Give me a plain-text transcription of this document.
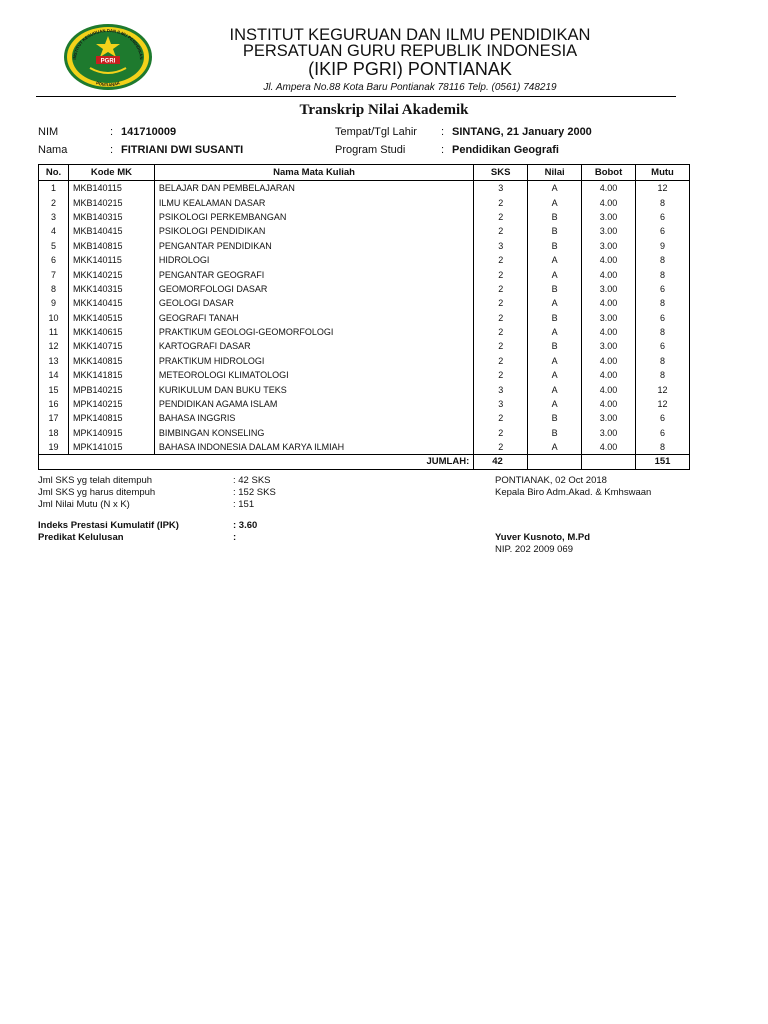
INSTITUT KEGURUAN DAN ILMU PENDIDIKAN
PONTIANAK
PGRI
INSTITUT KEGURUAN DAN ILMU PENDIDIKAN
PERSATUAN GURU REPUBLIK INDONESIA
(IKIP PGRI) PONTIANAK
Jl. Ampera No.88 Kota Baru Pontianak 78116 Telp. (0561) 748219
Transkrip Nilai Akademik
NIM	: 141710009
Nama	: FITRIANI DWI SUSANTI
Tempat/Tgl Lahir : SINTANG, 21 January 2000
Program Studi	: Pendidikan Geografi
No.	Kode MK	Nama Mata Kuliah	SKS	Nilai	Bobot	Mutu
1	MKB140115	BELAJAR DAN PEMBELAJARAN	3	A	4.00	12
2	MKB140215	ILMU KEALAMAN DASAR	2	A	4.00	8
3	MKB140315	PSIKOLOGI PERKEMBANGAN	2	B	3.00	6
4	MKB140415	PSIKOLOGI PENDIDIKAN	2	B	3.00	6
5	MKB140815	PENGANTAR PENDIDIKAN	3	B	3.00	9
6	MKK140115	HIDROLOGI	2	A	4.00	8
7	MKK140215	PENGANTAR GEOGRAFI	2	A	4.00	8
8	MKK140315	GEOMORFOLOGI DASAR	2	B	3.00	6
9	MKK140415	GEOLOGI DASAR	2	A	4.00	8
10	MKK140515	GEOGRAFI TANAH	2	B	3.00	6
11	MKK140615	PRAKTIKUM GEOLOGI-GEOMORFOLOGI	2	A	4.00	8
12	MKK140715	KARTOGRAFI DASAR	2	B	3.00	6
13	MKK140815	PRAKTIKUM HIDROLOGI	2	A	4.00	8
14	MKK141815	METEOROLOGI KLIMATOLOGI	2	A	4.00	8
15	MPB140215	KURIKULUM DAN BUKU TEKS	3	A	4.00	12
16	MPK140215	PENDIDIKAN AGAMA ISLAM	3	A	4.00	12
17	MPK140815	BAHASA INGGRIS	2	B	3.00	6
18	MPK140915	BIMBINGAN KONSELING	2	B	3.00	6
19	MPK141015	BAHASA INDONESIA DALAM KARYA ILMIAH	2	A	4.00	8
JUMLAH:			42			151
Jml SKS yg telah ditempuh	: 42 SKS
Jml SKS yg harus ditempuh	: 152 SKS
Jml Nilai Mutu (N x K)	: 151
Indeks Prestasi Kumulatif (IPK)	: 3.60
Predikat Kelulusan	:
PONTIANAK, 02 Oct 2018
Kepala Biro Adm.Akad. & Kmhswaan
Yuver Kusnoto, M.Pd
NIP. 202 2009 069
